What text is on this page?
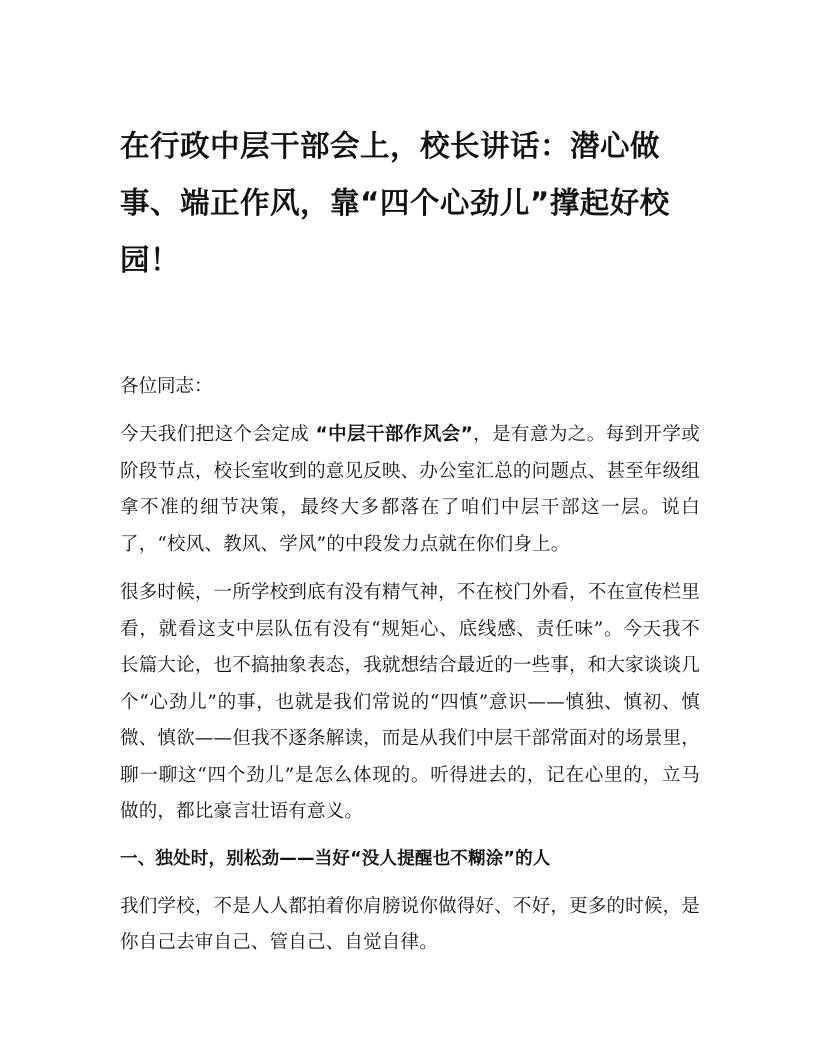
在行政中层干部会上，校长讲话：潜心做事、端正作风，靠“四个心劲儿”撑起好校园！

各位同志：

今天我们把这个会定成 “中层干部作风会”，是有意为之。每到开学或阶段节点，校长室收到的意见反映、办公室汇总的问题点、甚至年级组拿不准的细节决策，最终大多都落在了咱们中层干部这一层。说白了，“校风、教风、学风”的中段发力点就在你们身上。

很多时候，一所学校到底有没有精气神，不在校门外看，不在宣传栏里看，就看这支中层队伍有没有“规矩心、底线感、责任味”。今天我不长篇大论，也不搞抽象表态，我就想结合最近的一些事，和大家谈谈几个“心劲儿”的事，也就是我们常说的“四慎”意识——慎独、慎初、慎微、慎欲——但我不逐条解读，而是从我们中层干部常面对的场景里，聊一聊这“四个劲儿”是怎么体现的。听得进去的，记在心里的，立马做的，都比豪言壮语有意义。

一、独处时，别松劲——当好“没人提醒也不糊涂”的人

我们学校，不是人人都拍着你肩膀说你做得好、不好，更多的时候，是你自己去审自己、管自己、自觉自律。
